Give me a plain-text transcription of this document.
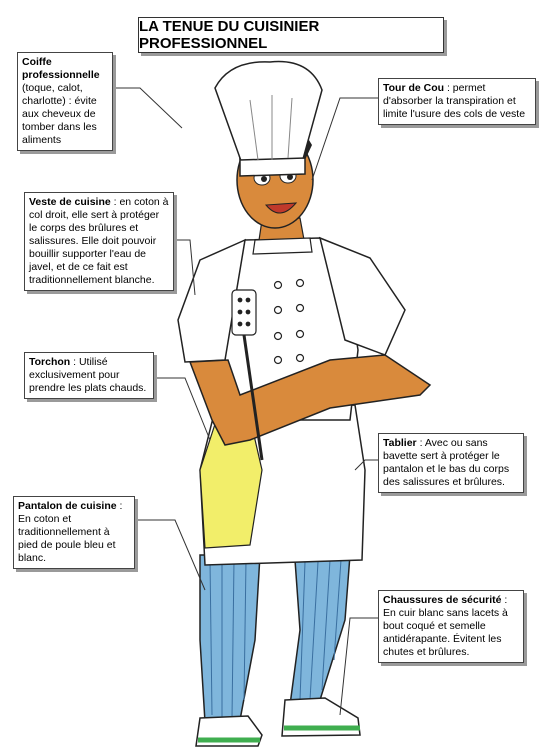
LA TENUE DU CUISINIER PROFESSIONNEL
Coiffe professionnelle (toque, calot, charlotte) : évite aux cheveux de tomber dans les aliments
Tour de Cou : permet d'absorber la transpiration et limite l'usure des cols de veste
Veste de cuisine : en coton à col droit, elle sert à protéger le corps des brûlures et salissures. Elle doit pouvoir bouillir supporter l'eau de javel, et de ce fait est traditionnellement blanche.
Torchon : Utilisé exclusivement pour prendre les plats chauds.
Tablier : Avec ou sans bavette sert à protéger le pantalon et le bas du corps des salissures et brûlures.
Pantalon de cuisine : En coton et traditionnellement à pied de poule bleu et blanc.
Chaussures de sécurité : En cuir blanc sans lacets à bout coqué et semelle antidérapante. Évitent les chutes et brûlures.
